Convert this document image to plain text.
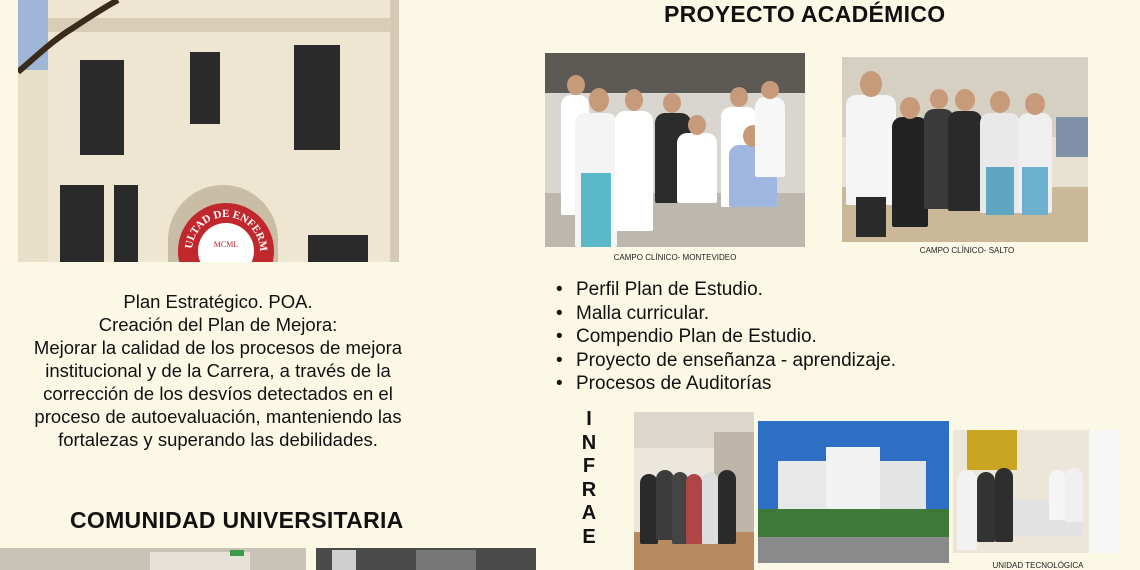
ULTAD DE ENFERM
MCML
PROYECTO ACADÉMICO
CAMPO CLÍNICO- MONTEVIDEO
CAMPO CLÍNICO- SALTO
Plan Estratégico. POA.
Creación del Plan de Mejora:
Mejorar la calidad de los procesos de mejora
institucional y de la Carrera, a través de la
corrección de los desvíos detectados en el
proceso de autoevaluación, manteniendo las
fortalezas y superando las debilidades.
• Perfil Plan de Estudio.
• Malla curricular.
• Compendio Plan de Estudio.
• Proyecto de enseñanza - aprendizaje.
• Procesos de Auditorías
I
N
F
R
A
E
UNIDAD TECNOLÓGICA
COMUNIDAD UNIVERSITARIA
